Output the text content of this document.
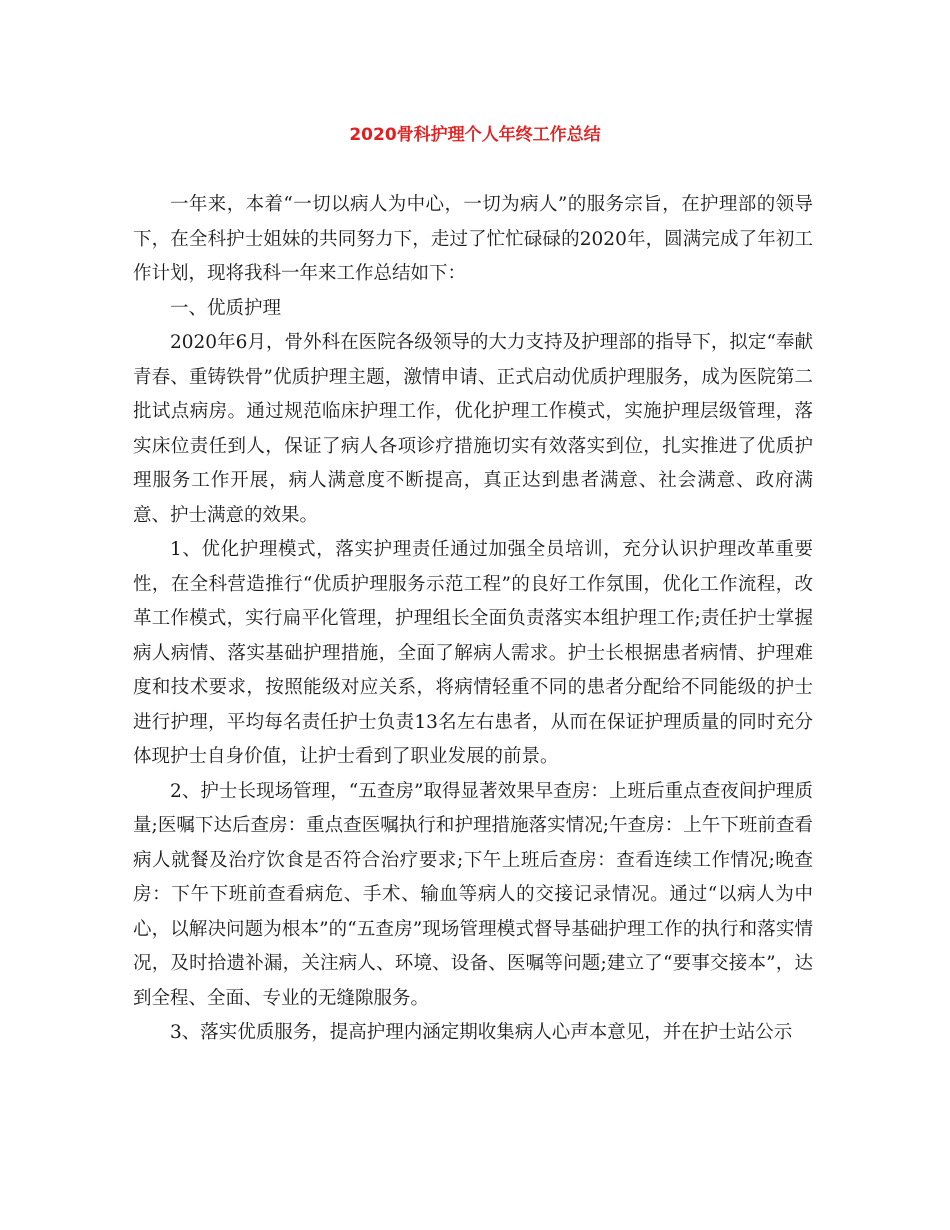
2020骨科护理个人年终工作总结

一年来，本着“一切以病人为中心，一切为病人”的服务宗旨，在护理部的领导下，在全科护士姐妹的共同努力下，走过了忙忙碌碌的2020年，圆满完成了年初工作计划，现将我科一年来工作总结如下：

一、优质护理

2020年6月，骨外科在医院各级领导的大力支持及护理部的指导下，拟定“奉献青春、重铸铁骨”优质护理主题，激情申请、正式启动优质护理服务，成为医院第二批试点病房。通过规范临床护理工作，优化护理工作模式，实施护理层级管理，落实床位责任到人，保证了病人各项诊疗措施切实有效落实到位，扎实推进了优质护理服务工作开展，病人满意度不断提高，真正达到患者满意、社会满意、政府满意、护士满意的效果。

1、优化护理模式，落实护理责任通过加强全员培训，充分认识护理改革重要性，在全科营造推行“优质护理服务示范工程”的良好工作氛围，优化工作流程，改革工作模式，实行扁平化管理，护理组长全面负责落实本组护理工作;责任护士掌握病人病情、落实基础护理措施，全面了解病人需求。护士长根据患者病情、护理难度和技术要求，按照能级对应关系，将病情轻重不同的患者分配给不同能级的护士进行护理，平均每名责任护士负责13名左右患者，从而在保证护理质量的同时充分体现护士自身价值，让护士看到了职业发展的前景。

2、护士长现场管理，“五查房”取得显著效果早查房：上班后重点查夜间护理质量;医嘱下达后查房：重点查医嘱执行和护理措施落实情况;午查房：上午下班前查看病人就餐及治疗饮食是否符合治疗要求;下午上班后查房：查看连续工作情况;晚查房：下午下班前查看病危、手术、输血等病人的交接记录情况。通过“以病人为中心，以解决问题为根本”的“五查房”现场管理模式督导基础护理工作的执行和落实情况，及时拾遗补漏，关注病人、环境、设备、医嘱等问题;建立了“要事交接本”，达到全程、全面、专业的无缝隙服务。

3、落实优质服务，提高护理内涵定期收集病人心声本意见，并在护士站公示
